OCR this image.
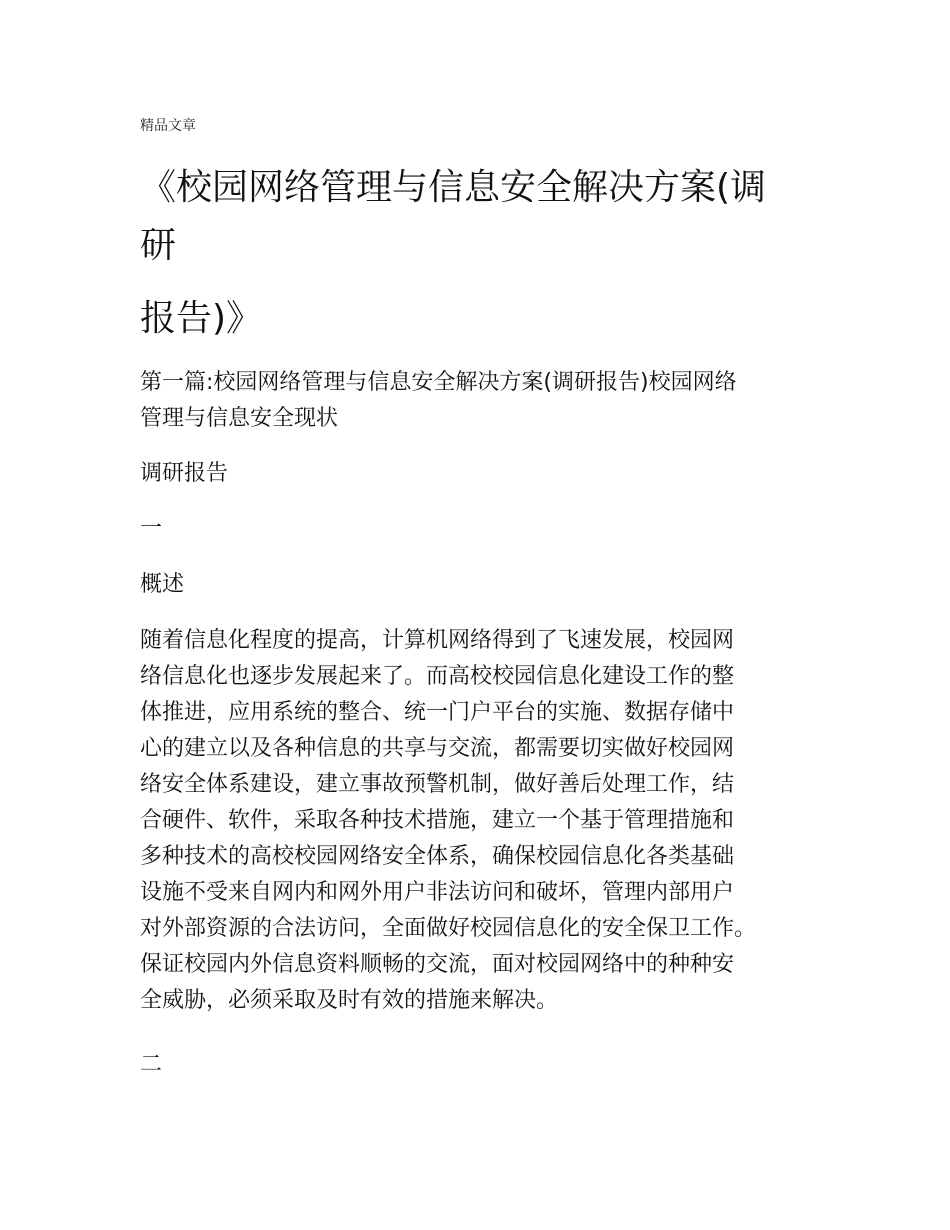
精品文章
《校园网络管理与信息安全解决方案(调
研
报告)》
第一篇:校园网络管理与信息安全解决方案(调研报告)校园网络
管理与信息安全现状
调研报告
一
概述
随着信息化程度的提高，计算机网络得到了飞速发展，校园网
络信息化也逐步发展起来了。而高校校园信息化建设工作的整
体推进，应用系统的整合、统一门户平台的实施、数据存储中
心的建立以及各种信息的共享与交流，都需要切实做好校园网
络安全体系建设，建立事故预警机制，做好善后处理工作，结
合硬件、软件，采取各种技术措施，建立一个基于管理措施和
多种技术的高校校园网络安全体系，确保校园信息化各类基础
设施不受来自网内和网外用户非法访问和破坏，管理内部用户
对外部资源的合法访问，全面做好校园信息化的安全保卫工作。
保证校园内外信息资料顺畅的交流，面对校园网络中的种种安
全威胁，必须采取及时有效的措施来解决。
二
